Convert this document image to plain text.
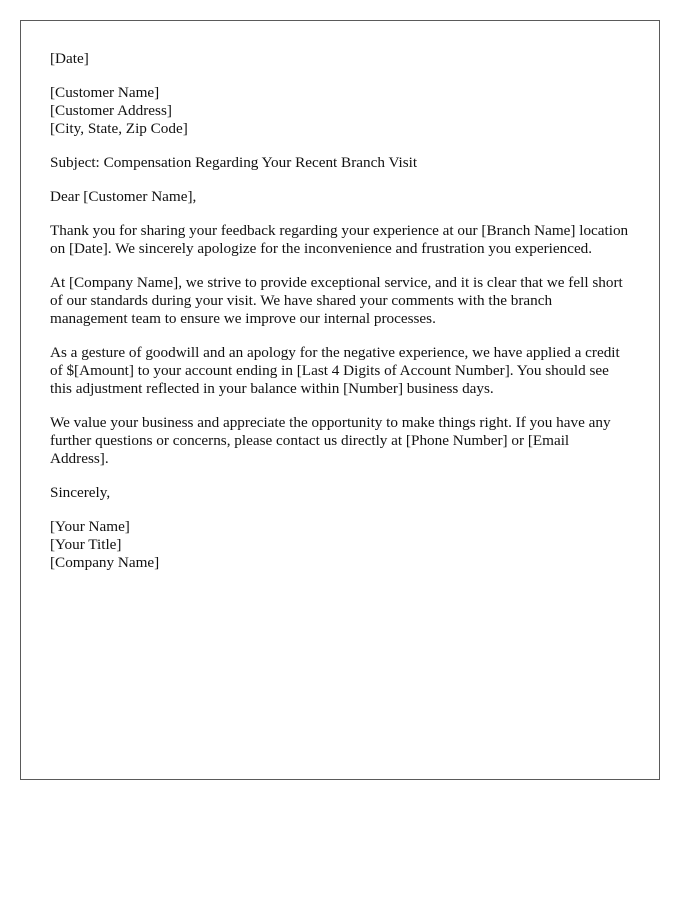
[Date]
[Customer Name]
[Customer Address]
[City, State, Zip Code]
Subject: Compensation Regarding Your Recent Branch Visit
Dear [Customer Name],

Thank you for sharing your feedback regarding your experience at our [Branch Name] location on [Date]. We sincerely apologize for the inconvenience and frustration you experienced.

At [Company Name], we strive to provide exceptional service, and it is clear that we fell short of our standards during your visit. We have shared your comments with the branch management team to ensure we improve our internal processes.

As a gesture of goodwill and an apology for the negative experience, we have applied a credit of $[Amount] to your account ending in [Last 4 Digits of Account Number]. You should see this adjustment reflected in your balance within [Number] business days.

We value your business and appreciate the opportunity to make things right. If you have any further questions or concerns, please contact us directly at [Phone Number] or [Email Address].

Sincerely,
[Your Name]
[Your Title]
[Company Name]
